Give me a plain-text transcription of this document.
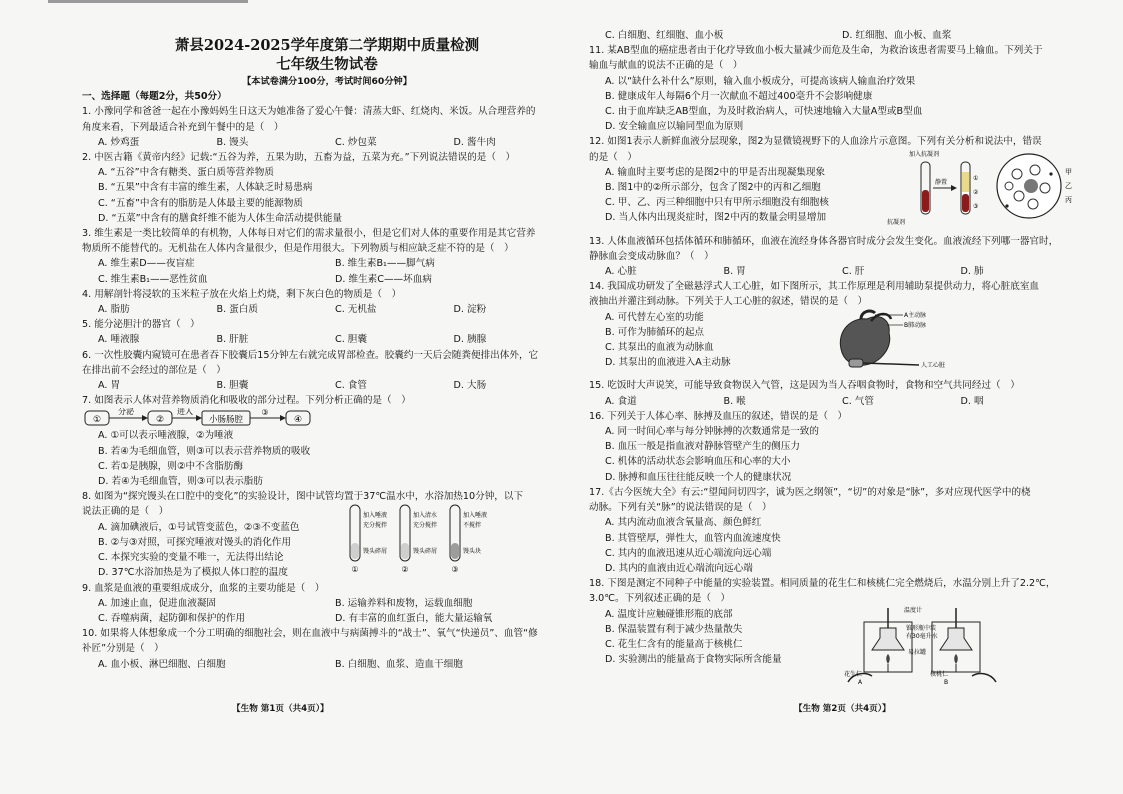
萧县2024-2025学年度第二学期期中质量检测
七年级生物试卷
【本试卷满分100分，考试时间60分钟】
一、选择题（每题2分，共50分）
1. 小豫同学和爸爸一起在小豫妈妈生日这天为她准备了爱心午餐：清蒸大虾、红烧肉、米饭。从合理营养的
角度来看，下列最适合补充到午餐中的是（　）
A. 炒鸡蛋	B. 馒头	C. 炒包菜	D. 酱牛肉
2. 中医古籍《黄帝内经》记载:“五谷为养，五果为助，五畜为益，五菜为充。”下列说法错误的是（　）
A. “五谷”中含有糖类、蛋白质等营养物质
B. “五果”中含有丰富的维生素，人体缺乏时易患病
C. “五畜”中含有的脂肪是人体最主要的能源物质
D. “五菜”中含有的膳食纤维不能为人体生命活动提供能量
3. 维生素是一类比较简单的有机物，人体每日对它们的需求量很小，但是它们对人体的重要作用是其它营养
物质所不能替代的。无机盐在人体内含量很少，但是作用很大。下列物质与相应缺乏症不符的是（　）
A. 维生素D——夜盲症	B. 维生素B₁——脚气病
C. 维生素B₁——恶性贫血	D. 维生素C——坏血病
4. 用解剖针将浸软的玉米粒子放在火焰上灼烧，剩下灰白色的物质是（　）
A. 脂肪	B. 蛋白质	C. 无机盐	D. 淀粉
5. 能分泌胆汁的器官（　）
A. 唾液腺	B. 肝脏	C. 胆囊	D. 胰腺
6. 一次性胶囊内窥镜可在患者吞下胶囊后15分钟左右就完成胃部检查。胶囊约一天后会随粪便排出体外，它
在排出前不会经过的部位是（　）
A. 胃	B. 胆囊	C. 食管	D. 大肠
7. 如图表示人体对营养物质消化和吸收的部分过程。下列分析正确的是（　）
①
分泌
②
进入
小肠肠腔
③
④
A. ①可以表示唾液腺，②为唾液
B. 若④为毛细血管，则③可以表示营养物质的吸收
C. 若①是胰腺，则②中不含脂肪酶
D. 若④为毛细血管，则③可以表示脂肪
8. 如图为“探究馒头在口腔中的变化”的实验设计，图中试管均置于37℃温水中，水浴加热10分钟，以下
说法正确的是（　）
A. 滴加碘液后，①号试管变蓝色，②③不变蓝色
B. ②与③对照，可探究唾液对馒头的消化作用
C. 本探究实验的变量不唯一，无法得出结论
D. 37℃水浴加热是为了模拟人体口腔的温度
加入唾液
充分搅拌
加入清水
充分搅拌
加入唾液
不搅拌
馒头碎屑	馒头碎屑	馒头块
①	②	③
9. 血浆是血液的重要组成成分，血浆的主要功能是（　）
A. 加速止血，促进血液凝固	B. 运输养料和废物，运载血细胞
C. 吞噬病菌，起防御和保护的作用	D. 有丰富的血红蛋白，能大量运输氧
10. 如果将人体想象成一个分工明确的细胞社会，则在血液中与病菌搏斗的“战士”、氧气“快递员”、血管“修
补匠”分别是（　）
A. 血小板、淋巴细胞、白细胞	B. 白细胞、血浆、造血干细胞
【生物 第1页（共4页）】
C. 白细胞、红细胞、血小板	D. 红细胞、血小板、血浆
11. 某AB型血的癌症患者由于化疗导致血小板大量减少而危及生命，为救治该患者需要马上输血。下列关于
输血与献血的说法不正确的是（　）
A. 以“缺什么补什么”原则，输入血小板成分，可提高该病人输血治疗效果
B. 健康成年人每隔6个月一次献血不超过400毫升不会影响健康
C. 由于血库缺乏AB型血，为及时救治病人，可快速地输入大量A型或B型血
D. 安全输血应以输同型血为原则
12. 如图1表示人新鲜血液分层现象，图2为显微镜视野下的人血涂片示意图。下列有关分析和说法中，错误
的是（　）
A. 输血时主要考虑的是图2中的甲是否出现凝集现象
B. 图1中的②所示部分，包含了图2中的丙和乙细胞
C. 甲、乙、丙三种细胞中只有甲所示细胞没有细胞核
D. 当人体内出现炎症时，图2中丙的数量会明显增加
加入抗凝剂
静置
抗凝剂
①
②
③
甲
乙
丙
13. 人体血液循环包括体循环和肺循环，血液在流经身体各器官时成分会发生变化。血液流经下列哪一器官时，
静脉血会变成动脉血？（　）
A. 心脏	B. 胃	C. 肝	D. 肺
14. 我国成功研发了全磁悬浮式人工心脏，如下图所示，其工作原理是利用辅助泵提供动力，将心脏底室血
液抽出并灌注到动脉。下列关于人工心脏的叙述，错误的是（　）
A. 可代替左心室的功能
B. 可作为肺循环的起点
C. 其泵出的血液为动脉血
D. 其泵出的血液进入A主动脉
A主动脉
B肺动脉
人工心脏
15. 吃饭时大声说笑，可能导致食物误入气管，这是因为当人吞咽食物时，食物和空气共同经过（　）
A. 食道	B. 喉	C. 气管	D. 咽
16. 下列关于人体心率、脉搏及血压的叙述，错误的是（　）
A. 同一时间心率与每分钟脉搏的次数通常是一致的
B. 血压一般是指血液对静脉管壁产生的侧压力
C. 机体的活动状态会影响血压和心率的大小
D. 脉搏和血压往往能反映一个人的健康状况
17.《古今医统大全》有云:“望闻问切四字，诚为医之纲领”，“切”的对象是“脉”，多对应现代医学中的桡
动脉。下列有关“脉”的说法错误的是（　）
A. 其内流动血液含氧量高、颜色鲜红
B. 其管壁厚，弹性大，血管内血流速度快
C. 其内的血液迅速从近心端流向远心端
D. 其内的血液由近心端流向远心端
18. 下图是测定不同种子中能量的实验装置。相同质量的花生仁和核桃仁完全燃烧后，水温分别上升了2.2℃，
3.0℃。下列叙述正确的是（　）
A. 温度计应触碰锥形瓶的底部
B. 保温装置有利于减少热量散失
C. 花生仁含有的能量高于核桃仁
D. 实验测出的能量高于食物实际所含能量
温度计
锥形瓶中装
有30毫升水
易拉罐
花生仁
A
核桃仁
B
【生物 第2页（共4页）】
